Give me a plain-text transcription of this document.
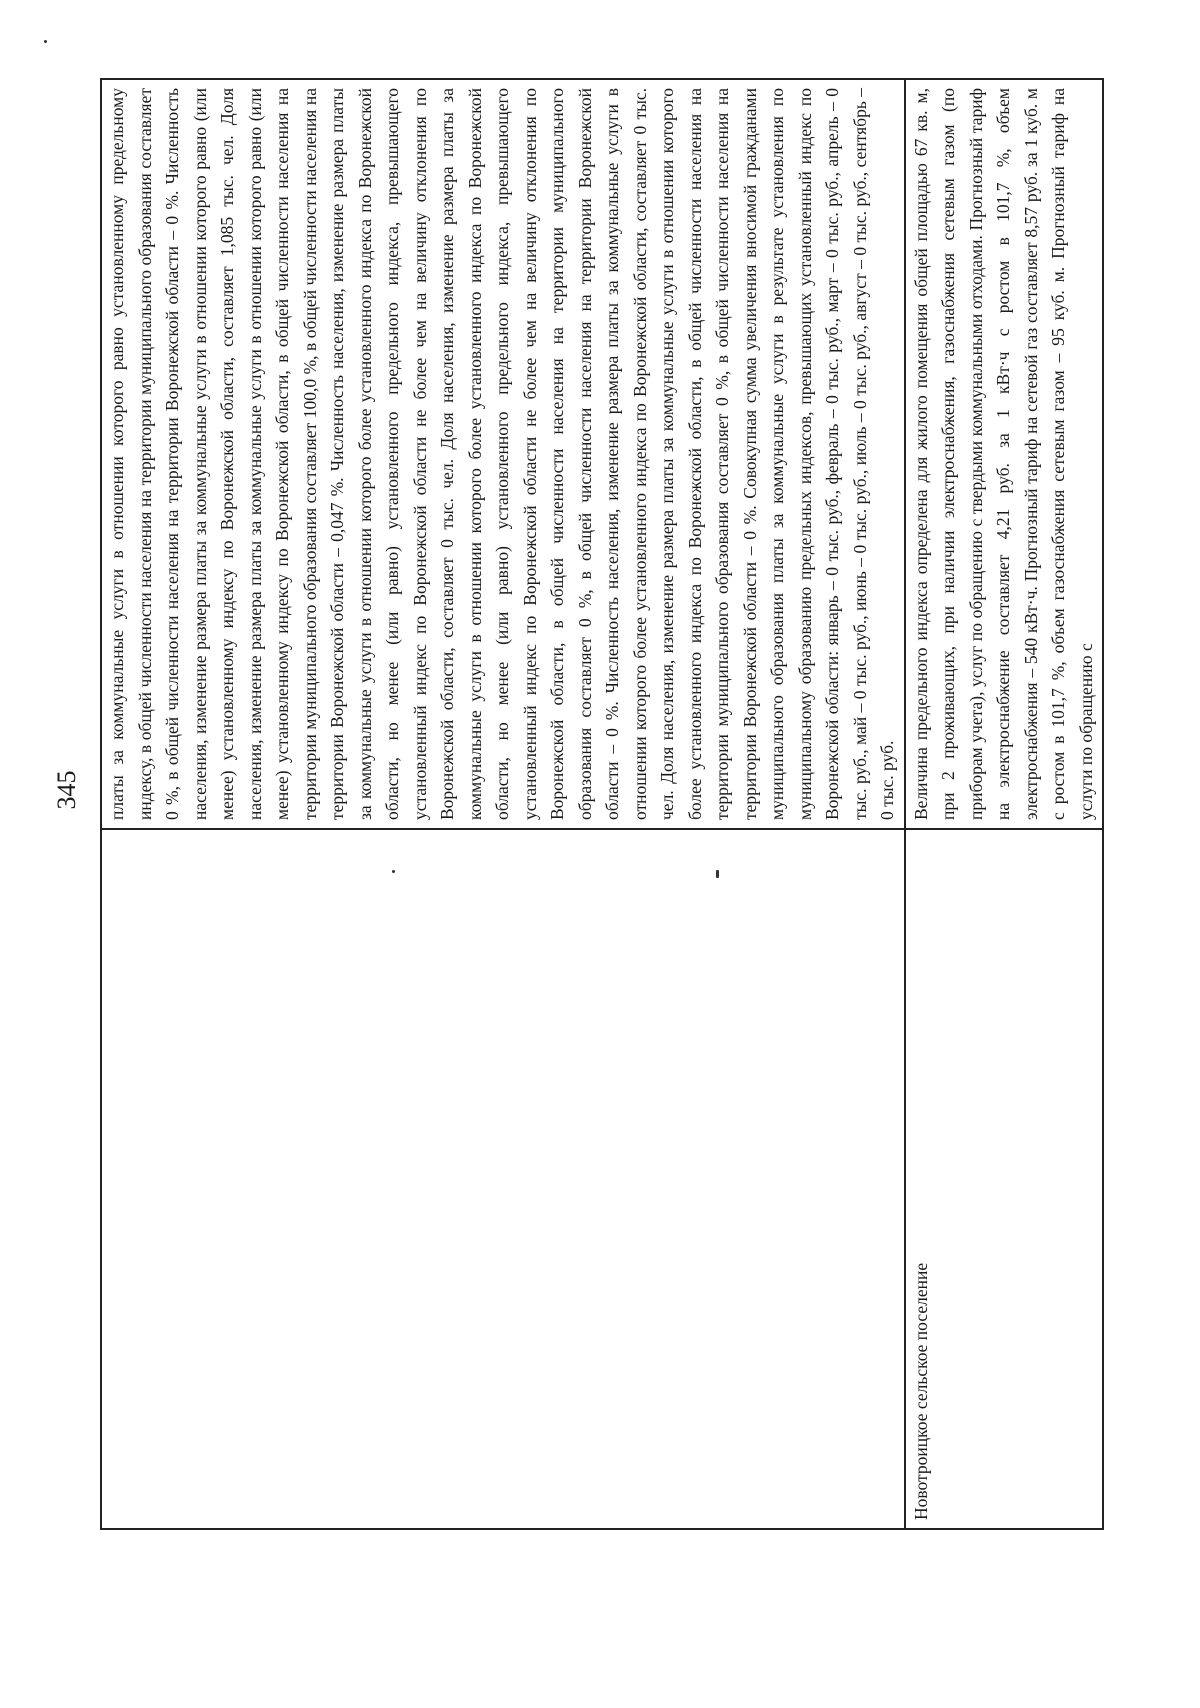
345
	платы за коммунальные услуги в отношении которого равно установленному предельному индексу, в общей численности населения на территории муниципального образования составляет 0 %, в общей численности населения на территории Воронежской области – 0 %. Численность населения, изменение размера платы за коммунальные услуги в отношении которого равно (или менее) установленному индексу по Воронежской области, составляет 1,085 тыс. чел. Доля населения, изменение размера платы за коммунальные услуги в отношении которого равно (или менее) установленному индексу по Воронежской области, в общей численности населения на территории муниципального образования составляет 100,0 %, в общей численности населения на территории Воронежской области – 0,047 %. Численность населения, изменение размера платы за коммунальные услуги в отношении которого более установленного индекса по Воронежской области, но менее (или равно) установленного предельного индекса, превышающего установленный индекс по Воронежской области не более чем на величину отклонения по Воронежской области, составляет 0 тыс. чел. Доля населения, изменение размера платы за коммунальные услуги в отношении которого более установленного индекса по Воронежской области, но менее (или равно) установленного предельного индекса, превышающего установленный индекс по Воронежской области не более чем на величину отклонения по Воронежской области, в общей численности населения на территории муниципального образования составляет 0 %, в общей численности населения на территории Воронежской области – 0 %. Численность населения, изменение размера платы за коммунальные услуги в отношении которого более установленного индекса по Воронежской области, составляет 0 тыс. чел. Доля населения, изменение размера платы за коммунальные услуги в отношении которого более установленного индекса по Воронежской области, в общей численности населения на территории муниципального образования составляет 0 %, в общей численности населения на территории Воронежской области – 0 %. Совокупная сумма увеличения вносимой гражданами муниципального образования платы за коммунальные услуги в результате установления по муниципальному образованию предельных индексов, превышающих установленный индекс по Воронежской области: январь – 0 тыс. руб., февраль – 0 тыс. руб., март – 0 тыс. руб., апрель – 0 тыс. руб., май – 0 тыс. руб., июнь – 0 тыс. руб., июль – 0 тыс. руб., август – 0 тыс. руб., сентябрь – 0 тыс. руб.
Новотроицкое сельское поселение	Величина предельного индекса определена для жилого помещения общей площадью 67 кв. м, при 2 проживающих, при наличии электроснабжения, газоснабжения сетевым газом (по приборам учета), услуг по обращению с твердыми коммунальными отходами. Прогнозный тариф на электроснабжение составляет 4,21 руб. за 1 кВт·ч с ростом в 101,7 %, объем электроснабжения – 540 кВт·ч. Прогнозный тариф на сетевой газ составляет 8,57 руб. за 1 куб. м с ростом в 101,7 %, объем газоснабжения сетевым газом – 95 куб. м. Прогнозный тариф на услуги по обращению с
